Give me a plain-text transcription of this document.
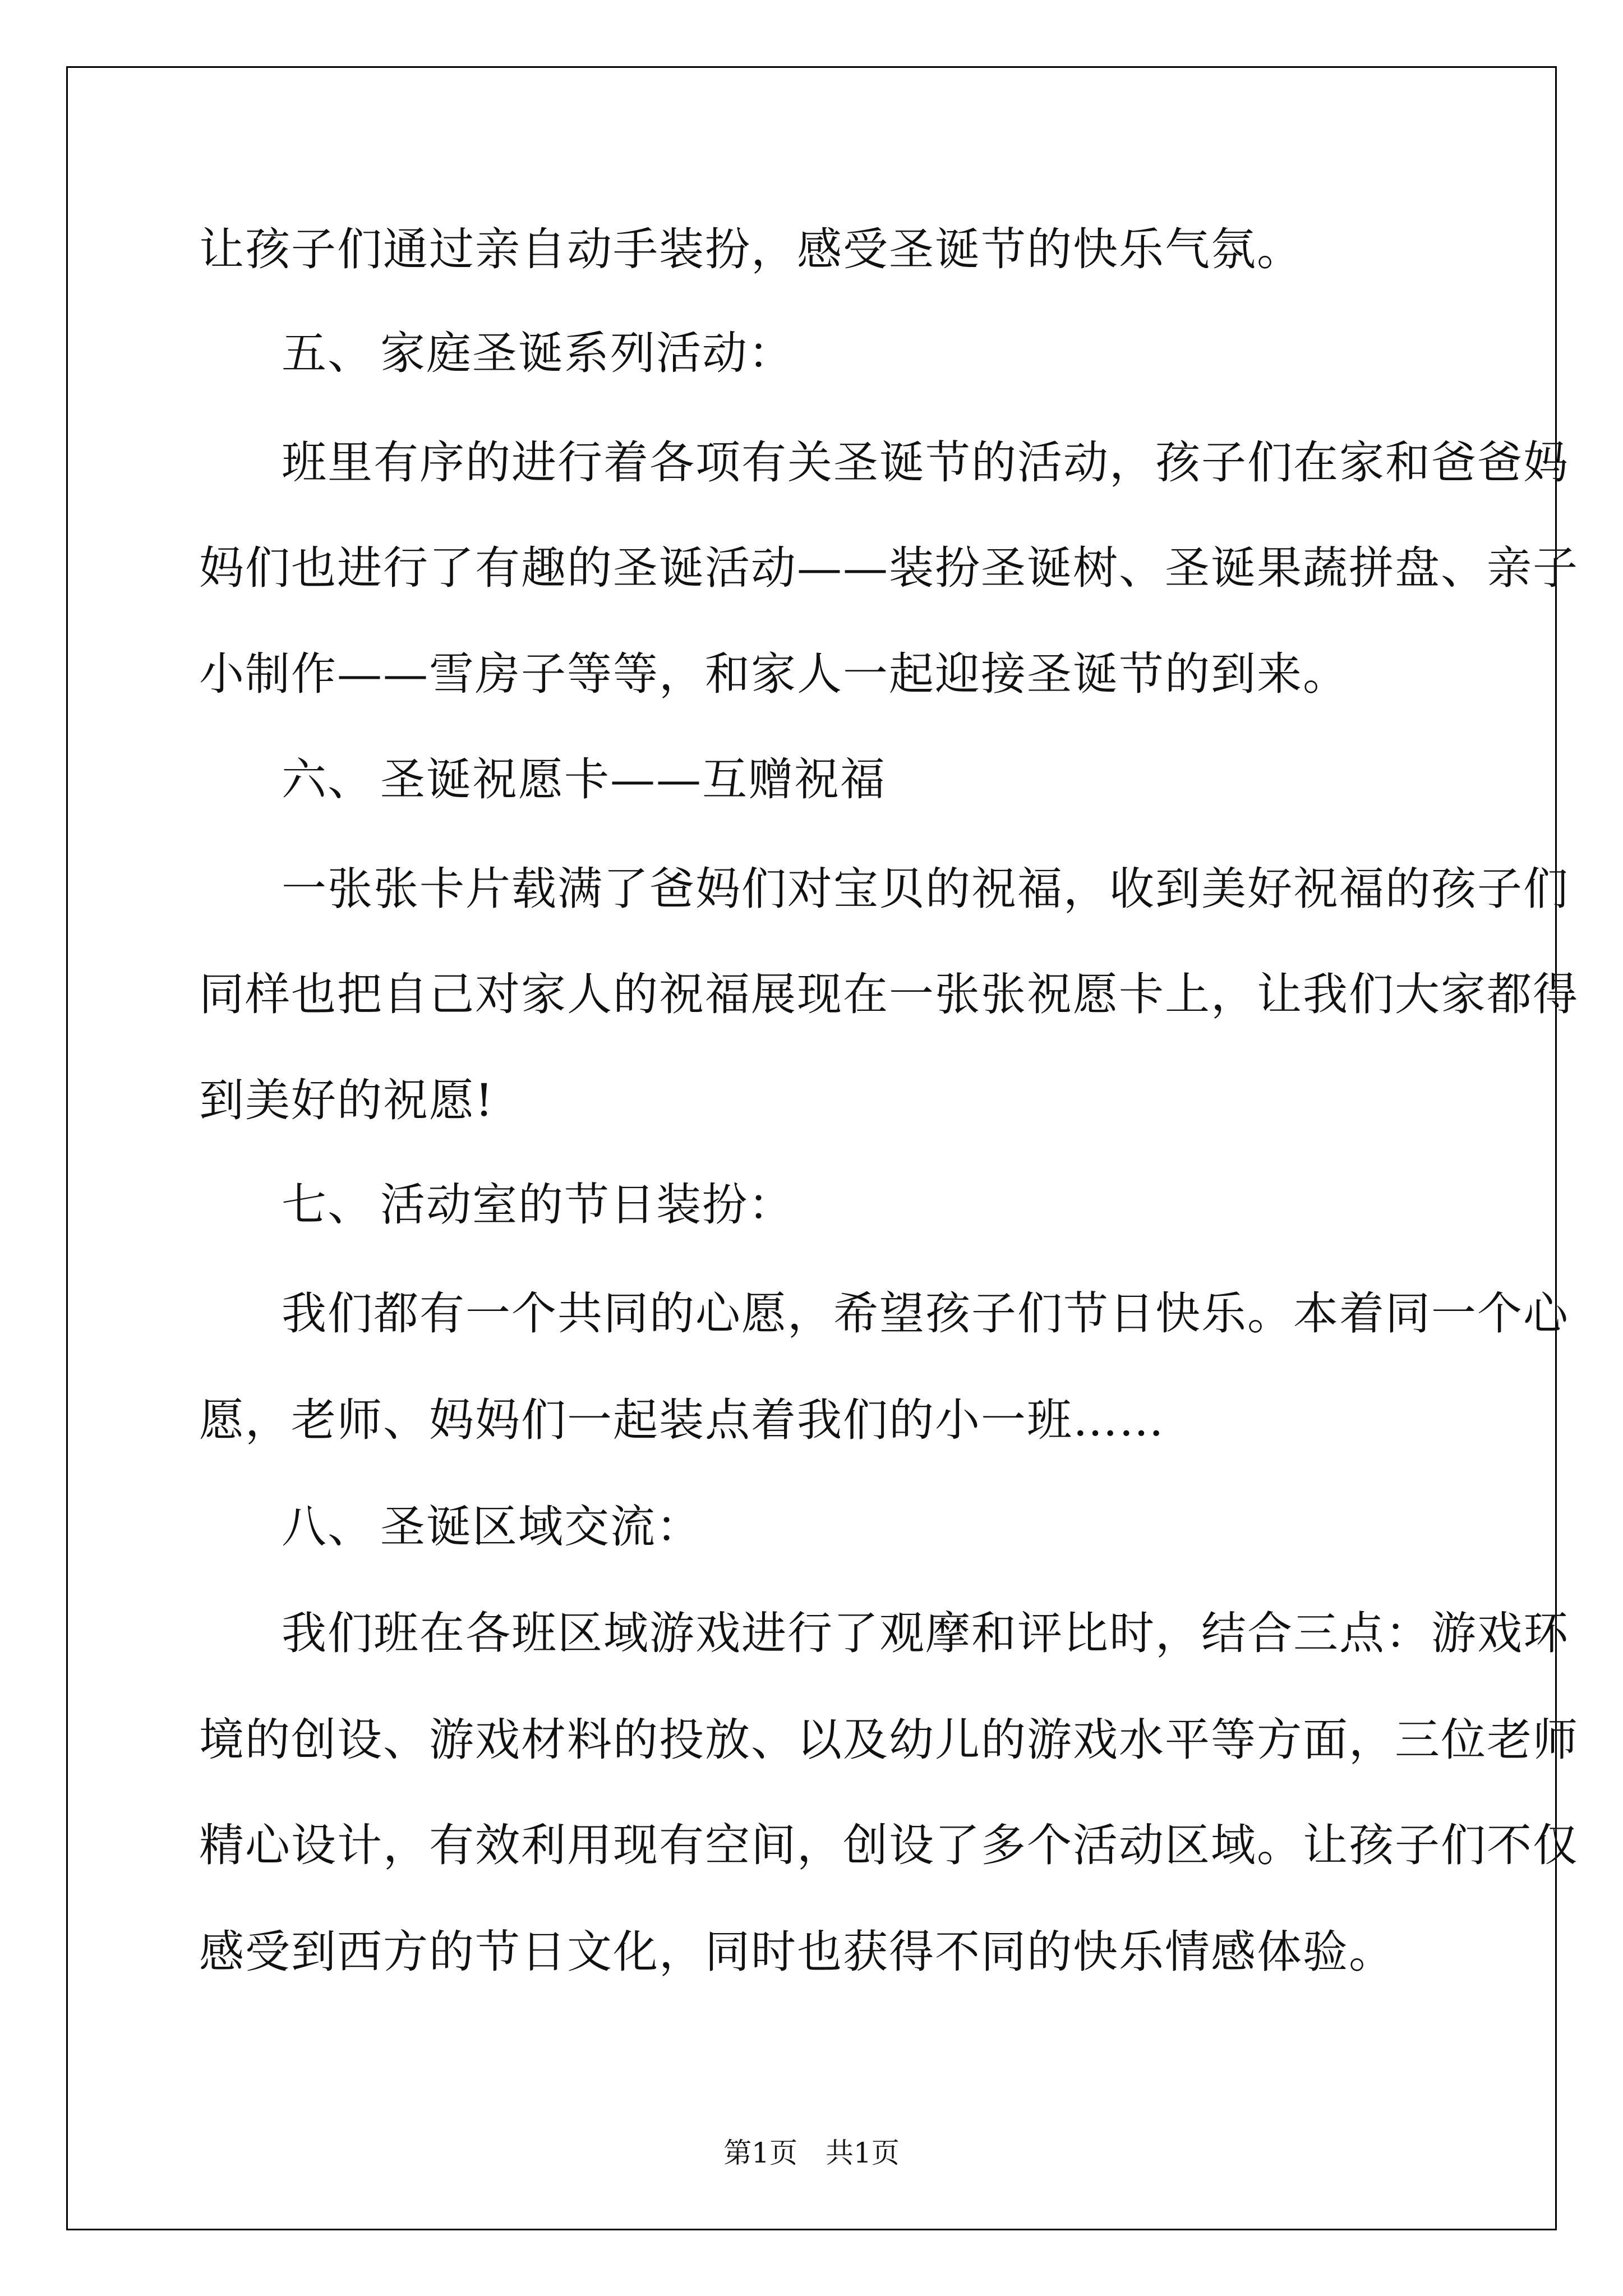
让孩子们通过亲自动手装扮，感受圣诞节的快乐气氛。
五、 家庭圣诞系列活动：
班里有序的进行着各项有关圣诞节的活动，孩子们在家和爸爸妈
妈们也进行了有趣的圣诞活动——装扮圣诞树、圣诞果蔬拼盘、亲子
小制作——雪房子等等，和家人一起迎接圣诞节的到来。
六、 圣诞祝愿卡——互赠祝福
一张张卡片载满了爸妈们对宝贝的祝福，收到美好祝福的孩子们
同样也把自己对家人的祝福展现在一张张祝愿卡上，让我们大家都得
到美好的祝愿!
七、 活动室的节日装扮：
我们都有一个共同的心愿，希望孩子们节日快乐。本着同一个心
愿，老师、妈妈们一起装点着我们的小一班……
八、 圣诞区域交流：
我们班在各班区域游戏进行了观摩和评比时，结合三点：游戏环
境的创设、游戏材料的投放、以及幼儿的游戏水平等方面，三位老师
精心设计，有效利用现有空间，创设了多个活动区域。让孩子们不仅
感受到西方的节日文化，同时也获得不同的快乐情感体验。
第1页 共1页
